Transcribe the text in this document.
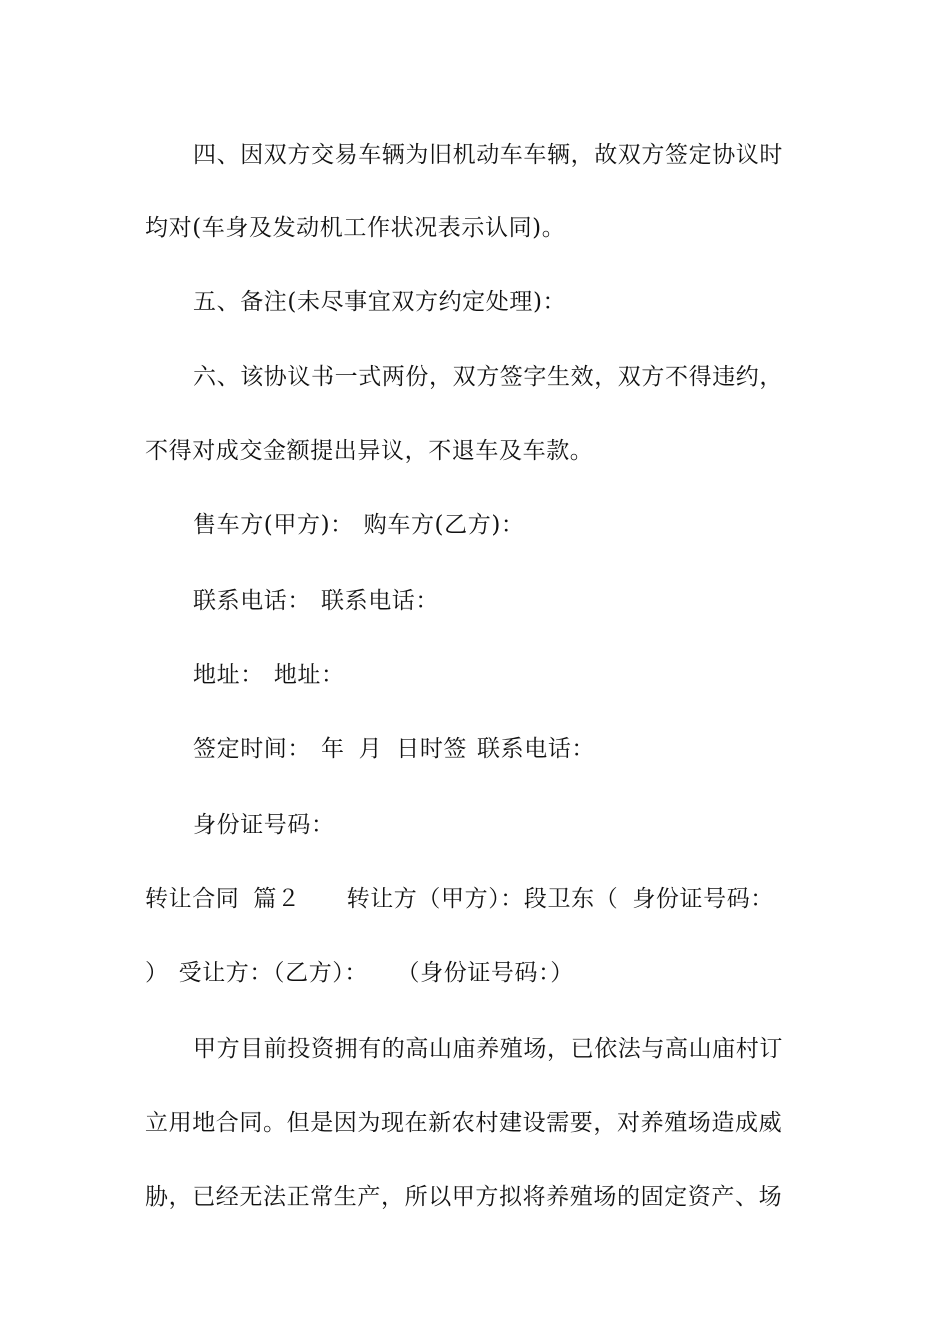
四、因双方交易车辆为旧机动车车辆，故双方签定协议时
均对(车身及发动机工作状况表示认同)。
五、备注(未尽事宜双方约定处理)：
六、该协议书一式两份，双方签字生效，双方不得违约，
不得对成交金额提出异议，不退车及车款。
售车方(甲方)： 购车方(乙方)：
联系电话： 联系电话：
地址： 地址：
签定时间： 年 月 日时签 联系电话：
身份证号码：
转让合同 篇２ 转让方（甲方）：段卫东（ 身份证号码：
） 受让方：（乙方）： （身份证号码：）
甲方目前投资拥有的高山庙养殖场，已依法与高山庙村订
立用地合同。但是因为现在新农村建设需要，对养殖场造成威
胁，已经无法正常生产，所以甲方拟将养殖场的固定资产、场
